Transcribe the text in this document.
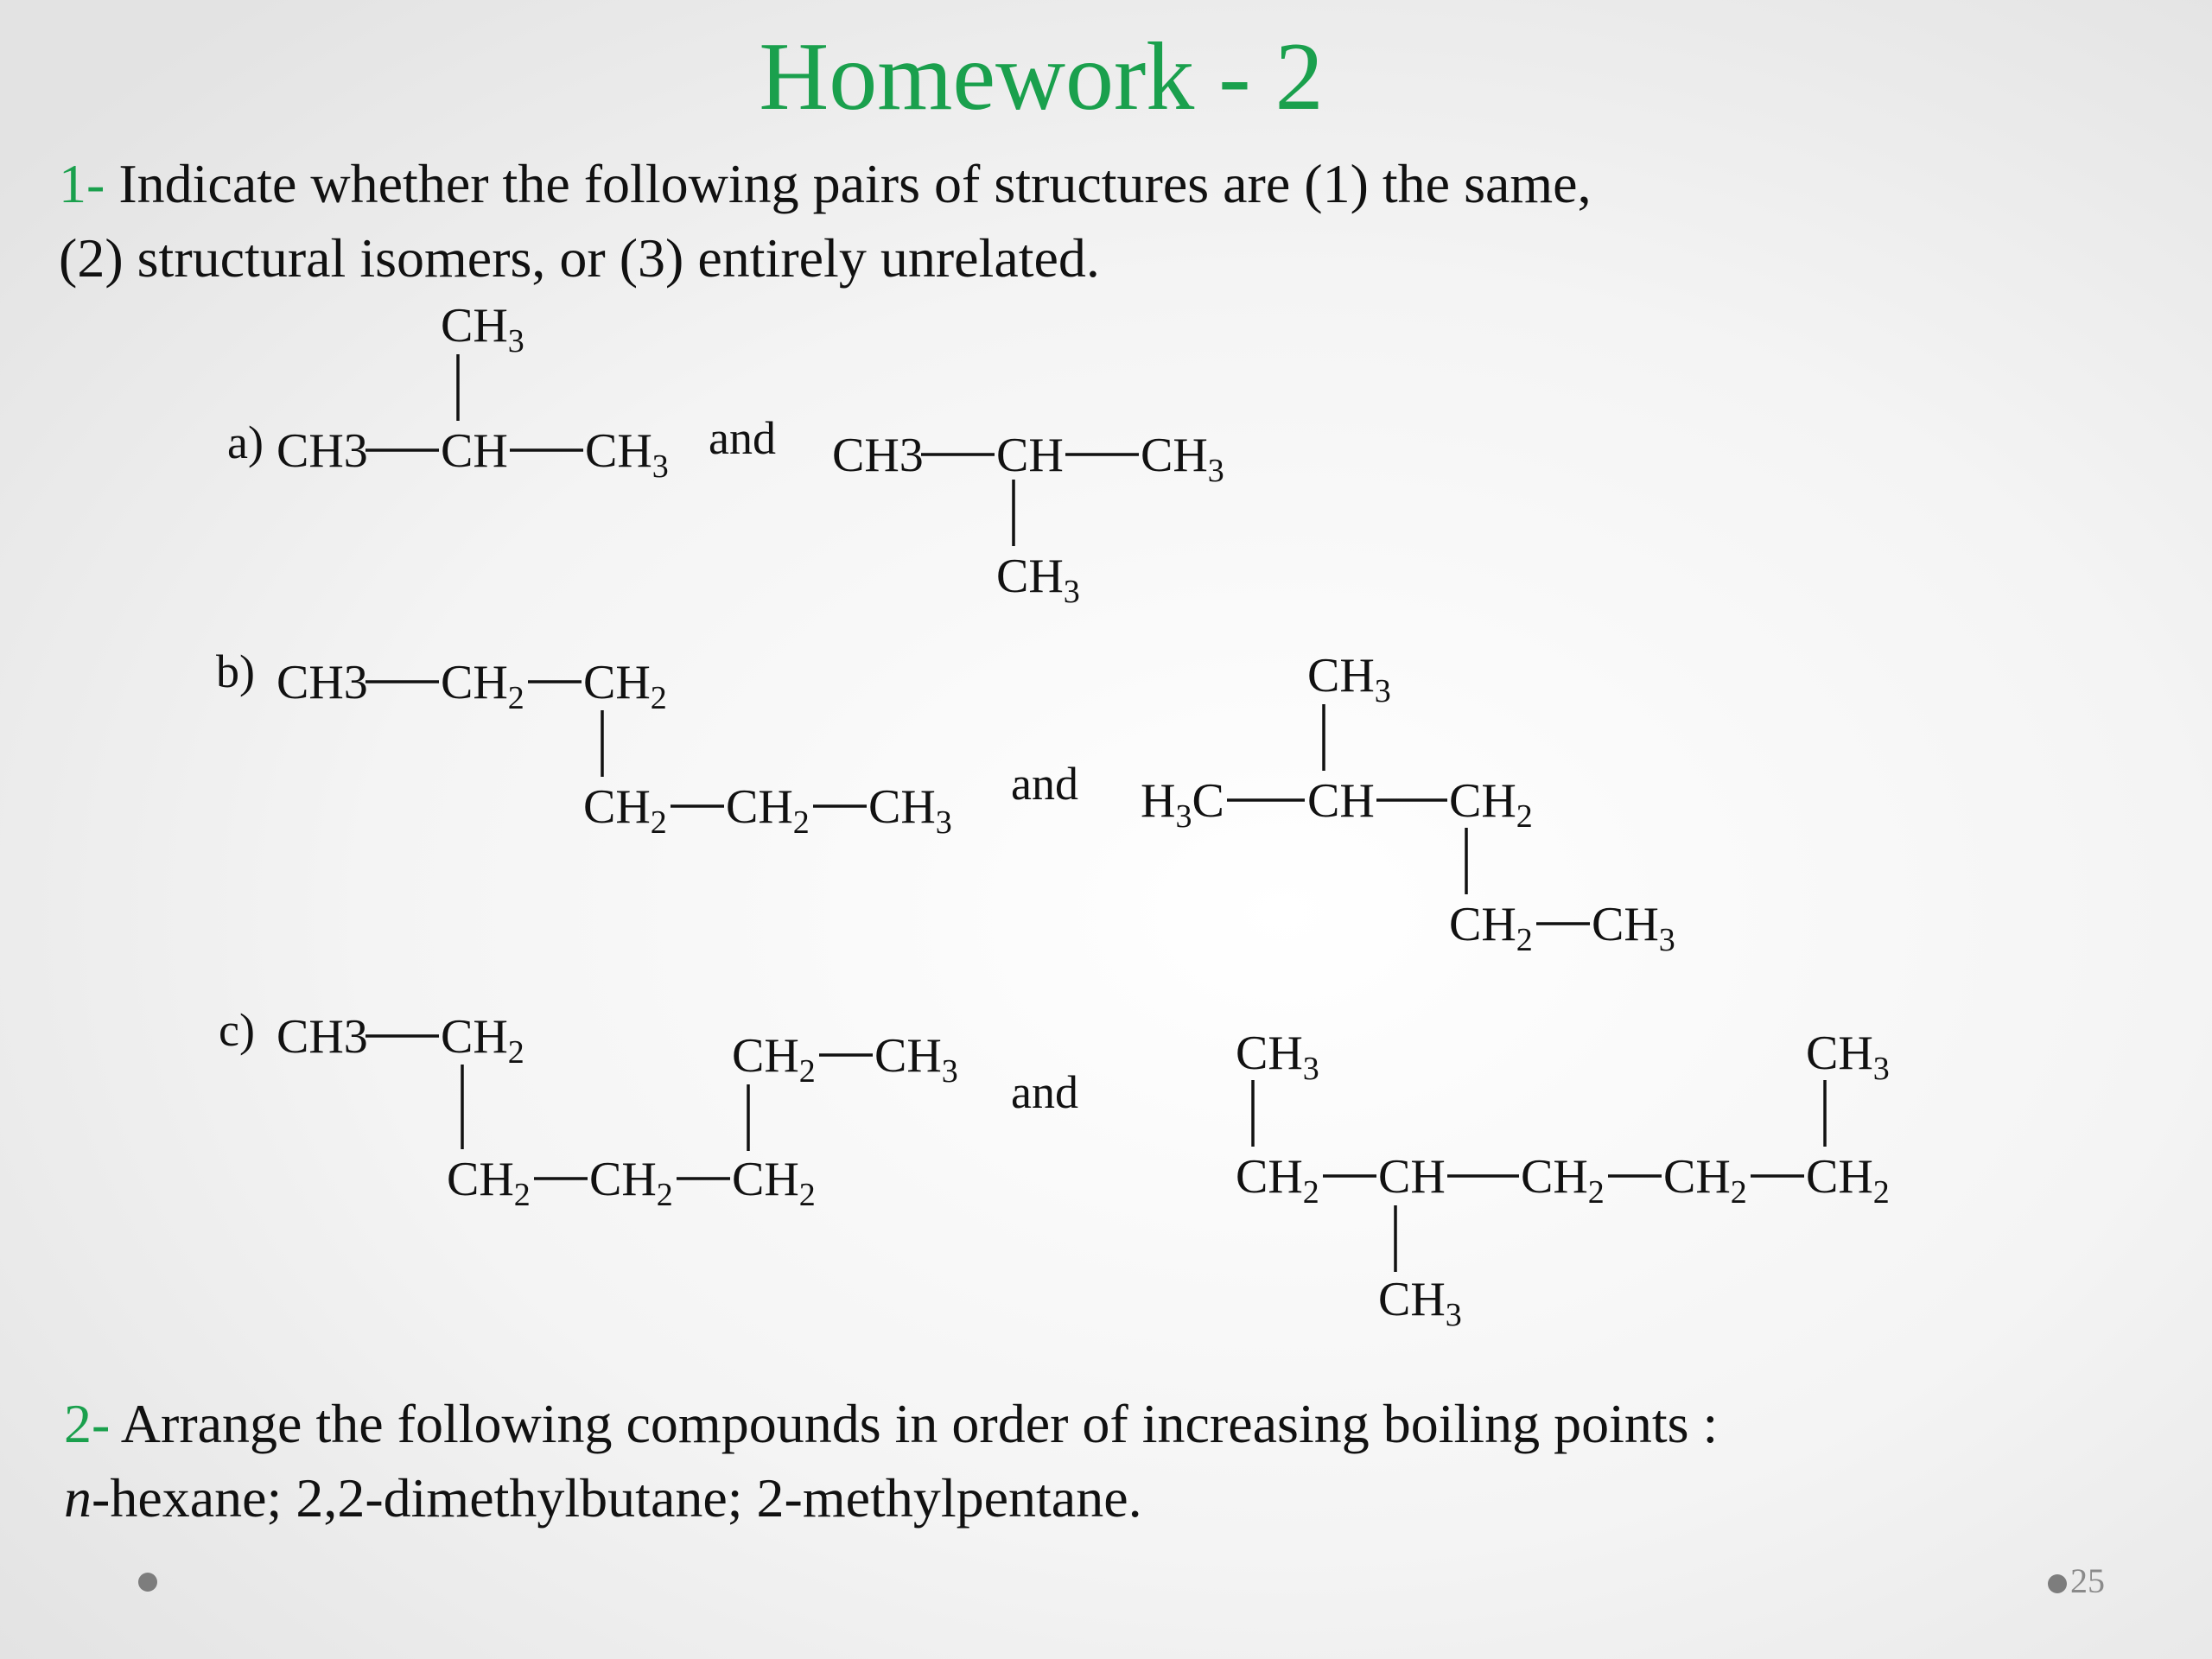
Homework - 2
1- Indicate whether the following pairs of structures are (1) the same,
(2) structural isomers, or (3) entirely unrelated.
a)
b)
c)
and
and
and
$CH_3$
CH3 CH $CH_3$	CH3 CH $CH_3$
$CH_3$
CH3 $CH_2$ $CH_2$
$CH_2$ $CH_2$ $CH_3$
$CH_3$
$H_3C$ CH $CH_2$
$CH_2$ $CH_3$
CH3 $CH_2$
$CH_2$ $CH_2$ $CH_2$
$CH_2$ $CH_3$	$CH_3$
$CH_2$ CH
$CH_3$
$CH_2$ $CH_2$ $CH_2$
$CH_3$
2- Arrange the following compounds in order of increasing boiling points :
n-hexane; 2,2-dimethylbutane; 2-methylpentane.
25
